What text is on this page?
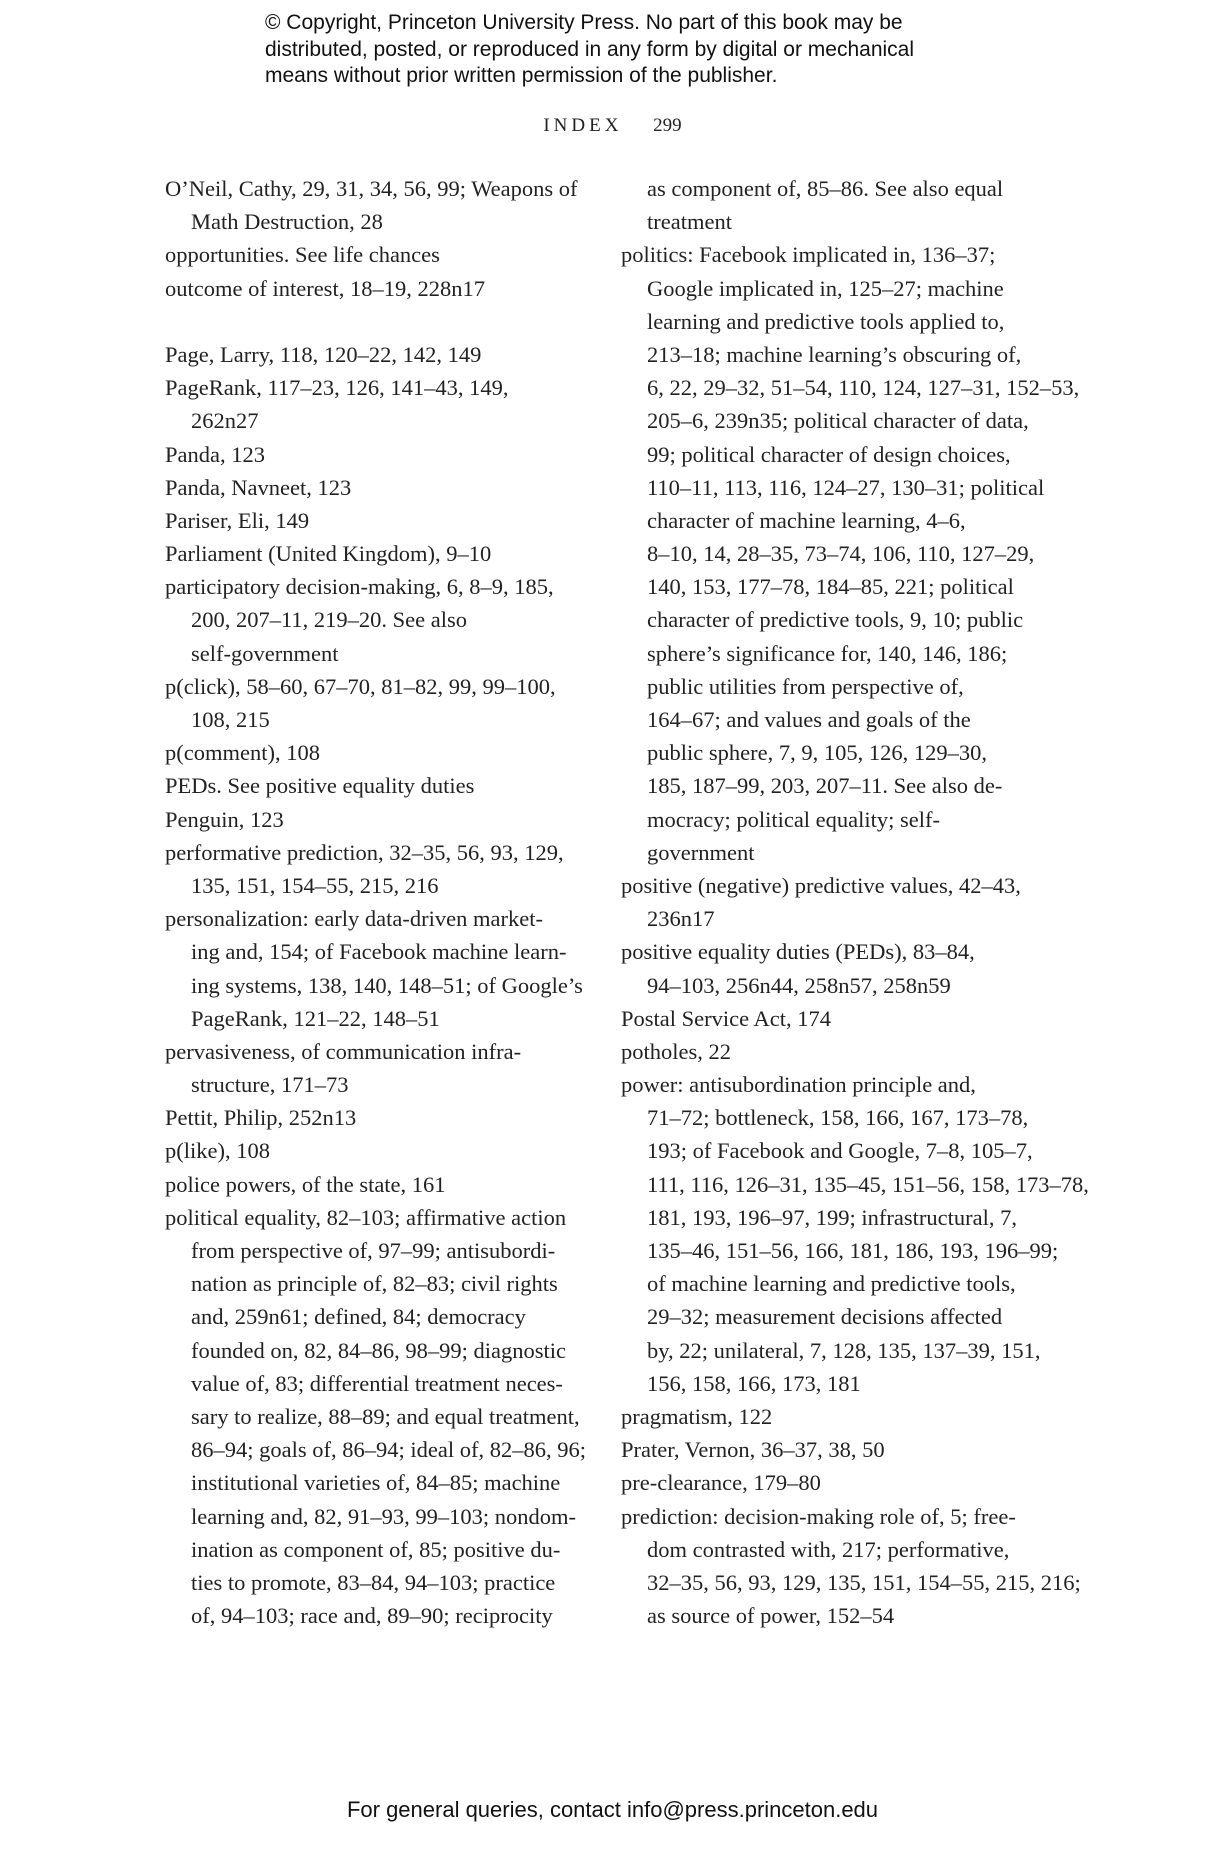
© Copyright, Princeton University Press. No part of this book may be
distributed, posted, or reproduced in any form by digital or mechanical
means without prior written permission of the publisher.
INDEX 299
O’Neil, Cathy, 29, 31, 34, 56, 99; Weapons of
Math Destruction, 28
opportunities. See life chances
outcome of interest, 18–19, 228n17
Page, Larry, 118, 120–22, 142, 149
PageRank, 117–23, 126, 141–43, 149,
262n27
Panda, 123
Panda, Navneet, 123
Pariser, Eli, 149
Parliament (United Kingdom), 9–10
participatory decision-making, 6, 8–9, 185,
200, 207–11, 219–20. See also
self-government
p(click), 58–60, 67–70, 81–82, 99, 99–100,
108, 215
p(comment), 108
PEDs. See positive equality duties
Penguin, 123
performative prediction, 32–35, 56, 93, 129,
135, 151, 154–55, 215, 216
personalization: early data-driven market-
ing and, 154; of Facebook machine learn-
ing systems, 138, 140, 148–51; of Google’s
PageRank, 121–22, 148–51
pervasiveness, of communication infra-
structure, 171–73
Pettit, Philip, 252n13
p(like), 108
police powers, of the state, 161
political equality, 82–103; affirmative action
from perspective of, 97–99; antisubordi-
nation as principle of, 82–83; civil rights
and, 259n61; defined, 84; democracy
founded on, 82, 84–86, 98–99; diagnostic
value of, 83; differential treatment neces-
sary to realize, 88–89; and equal treatment,
86–94; goals of, 86–94; ideal of, 82–86, 96;
institutional varieties of, 84–85; machine
learning and, 82, 91–93, 99–103; nondom-
ination as component of, 85; positive du-
ties to promote, 83–84, 94–103; practice
of, 94–103; race and, 89–90; reciprocity
as component of, 85–86. See also equal
treatment
politics: Facebook implicated in, 136–37;
Google implicated in, 125–27; machine
learning and predictive tools applied to,
213–18; machine learning’s obscuring of,
6, 22, 29–32, 51–54, 110, 124, 127–31, 152–53,
205–6, 239n35; political character of data,
99; political character of design choices,
110–11, 113, 116, 124–27, 130–31; political
character of machine learning, 4–6,
8–10, 14, 28–35, 73–74, 106, 110, 127–29,
140, 153, 177–78, 184–85, 221; political
character of predictive tools, 9, 10; public
sphere’s significance for, 140, 146, 186;
public utilities from perspective of,
164–67; and values and goals of the
public sphere, 7, 9, 105, 126, 129–30,
185, 187–99, 203, 207–11. See also de-
mocracy; political equality; self-
government
positive (negative) predictive values, 42–43,
236n17
positive equality duties (PEDs), 83–84,
94–103, 256n44, 258n57, 258n59
Postal Service Act, 174
potholes, 22
power: antisubordination principle and,
71–72; bottleneck, 158, 166, 167, 173–78,
193; of Facebook and Google, 7–8, 105–7,
111, 116, 126–31, 135–45, 151–56, 158, 173–78,
181, 193, 196–97, 199; infrastructural, 7,
135–46, 151–56, 166, 181, 186, 193, 196–99;
of machine learning and predictive tools,
29–32; measurement decisions affected
by, 22; unilateral, 7, 128, 135, 137–39, 151,
156, 158, 166, 173, 181
pragmatism, 122
Prater, Vernon, 36–37, 38, 50
pre-clearance, 179–80
prediction: decision-making role of, 5; free-
dom contrasted with, 217; performative,
32–35, 56, 93, 129, 135, 151, 154–55, 215, 216;
as source of power, 152–54
For general queries, contact info@press.princeton.edu
